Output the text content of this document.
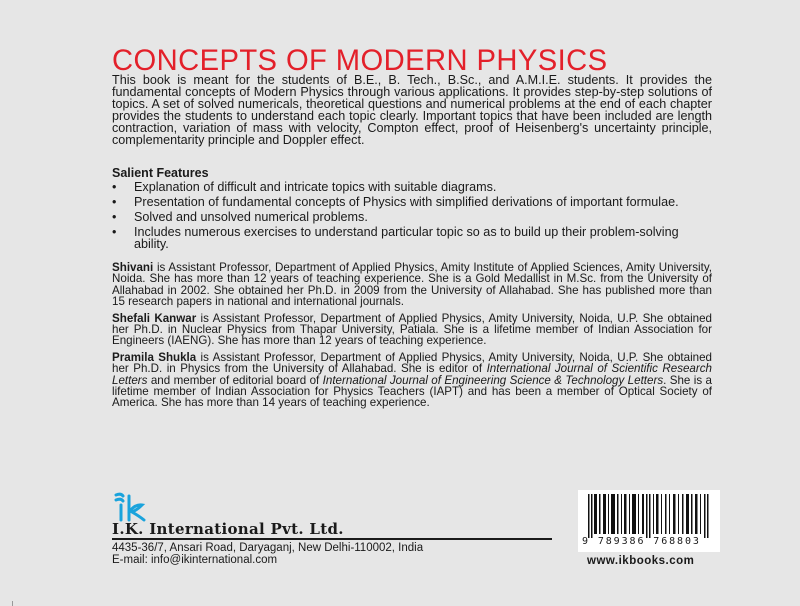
CONCEPTS OF MODERN PHYSICS

This book is meant for the students of B.E., B. Tech., B.Sc., and A.M.I.E. students. It provides the fundamental concepts of Modern Physics through various applications. It provides step-by-step solutions of topics. A set of solved numericals, theoretical questions and numerical problems at the end of each chapter provides the students to understand each topic clearly. Important topics that have been included are length contraction, variation of mass with velocity, Compton effect, proof of Heisenberg's uncertainty principle, complementarity principle and Doppler effect.

Salient Features
• Explanation of difficult and intricate topics with suitable diagrams.
• Presentation of fundamental concepts of Physics with simplified derivations of important formulae.
• Solved and unsolved numerical problems.
• Includes numerous exercises to understand particular topic so as to build up their problem-solving ability.

Shivani is Assistant Professor, Department of Applied Physics, Amity Institute of Applied Sciences, Amity University, Noida. She has more than 12 years of teaching experience. She is a Gold Medallist in M.Sc. from the University of Allahabad in 2002. She obtained her Ph.D. in 2009 from the University of Allahabad. She has published more than 15 research papers in national and international journals.

Shefali Kanwar is Assistant Professor, Department of Applied Physics, Amity University, Noida, U.P. She obtained her Ph.D. in Nuclear Physics from Thapar University, Patiala. She is a lifetime member of Indian Association for Engineers (IAENG). She has more than 12 years of teaching experience.

Pramila Shukla is Assistant Professor, Department of Applied Physics, Amity University, Noida, U.P. She obtained her Ph.D. in Physics from the University of Allahabad. She is editor of International Journal of Scientific Research Letters and member of editorial board of International Journal of Engineering Science & Technology Letters. She is a lifetime member of Indian Association for Physics Teachers (IAPT) and has been a member of Optical Society of America. She has more than 14 years of teaching experience.

I.K. International Pvt. Ltd.
4435-36/7, Ansari Road, Daryaganj, New Delhi-110002, India
E-mail: info@ikinternational.com
9 789386 768803
www.ikbooks.com
